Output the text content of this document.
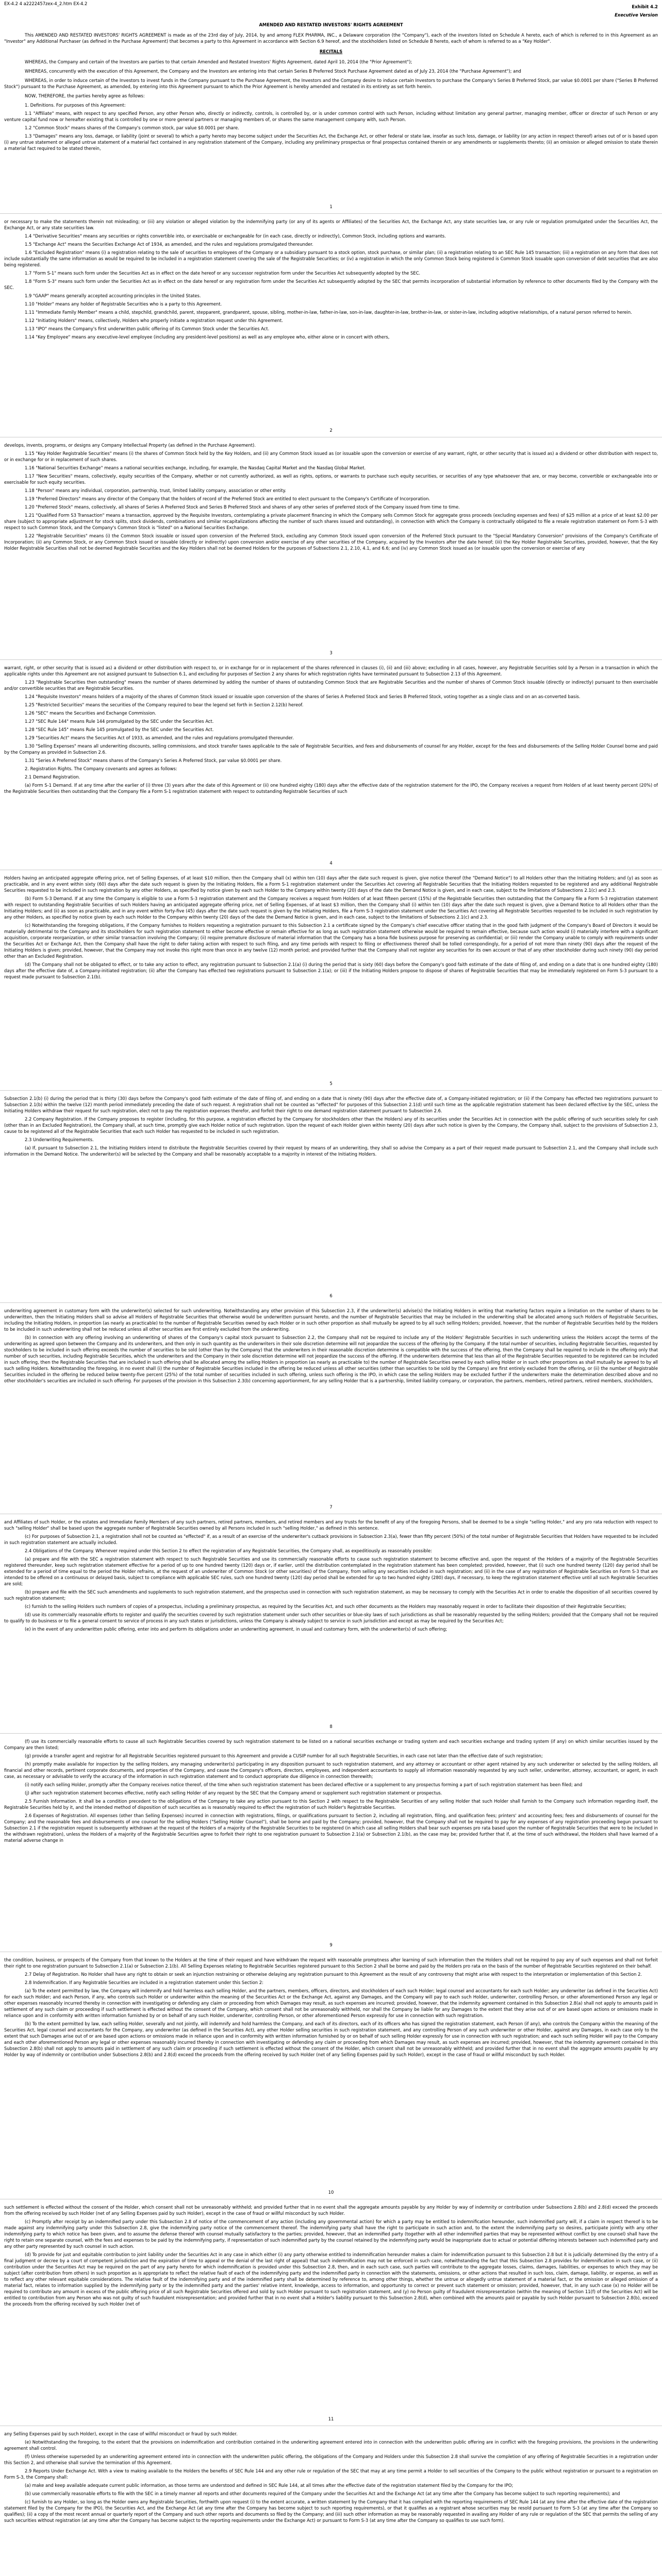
EX-4.2 4 a2222457zex-4_2.htm EX-4.2
Exhibit 4.2
Executive Version

AMENDED AND RESTATED INVESTORS' RIGHTS AGREEMENT

This AMENDED AND RESTATED INVESTORS' RIGHTS AGREEMENT is made as of the 23rd day of July, 2014, by and among FLEX PHARMA, INC., a Delaware corporation (the "Company"), each of the investors listed on Schedule A hereto, each of which is referred to in this Agreement as an "Investor" any Additional Purchaser (as defined in the Purchase Agreement) that becomes a party to this Agreement in accordance with Section 6.9 hereof, and the stockholders listed on Schedule B hereto, each of whom is referred to as a "Key Holder".

RECITALS

WHEREAS, the Company and certain of the Investors are parties to that certain Amended and Restated Investors' Rights Agreement, dated April 10, 2014 (the "Prior Agreement");

WHEREAS, concurrently with the execution of this Agreement, the Company and the Investors are entering into that certain Series B Preferred Stock Purchase Agreement dated as of July 23, 2014 (the "Purchase Agreement"); and

WHEREAS, in order to induce certain of the Investors to invest funds in the Company pursuant to the Purchase Agreement, the Investors and the Company desire to induce certain Investors to purchase the Company's Series B Preferred Stock, par value $0.0001 per share ("Series B Preferred Stock") pursuant to the Purchase Agreement, as amended, by entering into this Agreement pursuant to which the Prior Agreement is hereby amended and restated in its entirety as set forth herein.

NOW, THEREFORE, the parties hereby agree as follows:

1. Definitions. For purposes of this Agreement:

1.1 "Affiliate" means, with respect to any specified Person, any other Person who, directly or indirectly, controls, is controlled by, or is under common control with such Person, including without limitation any general partner, managing member, officer or director of such Person or any venture capital fund now or hereafter existing that is controlled by one or more general partners or managing members of, or shares the same management company with, such Person.

1.2 "Common Stock" means shares of the Company's common stock, par value $0.0001 per share.

1.3 "Damages" means any loss, damage, or liability (joint or several) to which a party hereto may become subject under the Securities Act, the Exchange Act, or other federal or state law, insofar as such loss, damage, or liability (or any action in respect thereof) arises out of or is based upon (i) any untrue statement or alleged untrue statement of a material fact contained in any registration statement of the Company, including any preliminary prospectus or final prospectus contained therein or any amendments or supplements thereto; (ii) an omission or alleged omission to state therein a material fact required to be stated therein,

1

or necessary to make the statements therein not misleading; or (iii) any violation or alleged violation by the indemnifying party (or any of its agents or Affiliates) of the Securities Act, the Exchange Act, any state securities law, or any rule or regulation promulgated under the Securities Act, the Exchange Act, or any state securities law.

1.4 "Derivative Securities" means any securities or rights convertible into, or exercisable or exchangeable for (in each case, directly or indirectly), Common Stock, including options and warrants.

1.5 "Exchange Act" means the Securities Exchange Act of 1934, as amended, and the rules and regulations promulgated thereunder.

1.6 "Excluded Registration" means (i) a registration relating to the sale of securities to employees of the Company or a subsidiary pursuant to a stock option, stock purchase, or similar plan; (ii) a registration relating to an SEC Rule 145 transaction; (iii) a registration on any form that does not include substantially the same information as would be required to be included in a registration statement covering the sale of the Registrable Securities; or (iv) a registration in which the only Common Stock being registered is Common Stock issuable upon conversion of debt securities that are also being registered.

1.7 "Form S-1" means such form under the Securities Act as in effect on the date hereof or any successor registration form under the Securities Act subsequently adopted by the SEC.

1.8 "Form S-3" means such form under the Securities Act as in effect on the date hereof or any registration form under the Securities Act subsequently adopted by the SEC that permits incorporation of substantial information by reference to other documents filed by the Company with the SEC.

1.9 "GAAP" means generally accepted accounting principles in the United States.

1.10 "Holder" means any holder of Registrable Securities who is a party to this Agreement.

1.11 "Immediate Family Member" means a child, stepchild, grandchild, parent, stepparent, grandparent, spouse, sibling, mother-in-law, father-in-law, son-in-law, daughter-in-law, brother-in-law, or sister-in-law, including adoptive relationships, of a natural person referred to herein.

1.12 "Initiating Holders" means, collectively, Holders who properly initiate a registration request under this Agreement.

1.13 "IPO" means the Company's first underwritten public offering of its Common Stock under the Securities Act.

1.14 "Key Employee" means any executive-level employee (including any president-level positions) as well as any employee who, either alone or in concert with others,

2

develops, invents, programs, or designs any Company Intellectual Property (as defined in the Purchase Agreement).

1.15 "Key Holder Registrable Securities" means (i) the shares of Common Stock held by the Key Holders, and (ii) any Common Stock issued as (or issuable upon the conversion or exercise of any warrant, right, or other security that is issued as) a dividend or other distribution with respect to, or in exchange for or in replacement of such shares.

1.16 "National Securities Exchange" means a national securities exchange, including, for example, the Nasdaq Capital Market and the Nasdaq Global Market.

1.17 "New Securities" means, collectively, equity securities of the Company, whether or not currently authorized, as well as rights, options, or warrants to purchase such equity securities, or securities of any type whatsoever that are, or may become, convertible or exchangeable into or exercisable for such equity securities.

1.18 "Person" means any individual, corporation, partnership, trust, limited liability company, association or other entity.

1.19 "Preferred Directors" means any director of the Company that the holders of record of the Preferred Stock are entitled to elect pursuant to the Company's Certificate of Incorporation.

1.20 "Preferred Stock" means, collectively, all shares of Series A Preferred Stock and Series B Preferred Stock and shares of any other series of preferred stock of the Company issued from time to time.

1.21 "Qualified Form S3 Transaction" means a transaction, approved by the Requisite Investors, contemplating a private placement financing in which the Company sells Common Stock for aggregate gross proceeds (excluding expenses and fees) of $25 million at a price of at least $2.00 per share (subject to appropriate adjustment for stock splits, stock dividends, combinations and similar recapitalizations affecting the number of such shares issued and outstanding), in connection with which the Company is contractually obligated to file a resale registration statement on Form S-3 with respect to such Common Stock, and the Company's Common Stock is "listed" on a National Securities Exchange.

1.22 "Registrable Securities" means (i) the Common Stock issuable or issued upon conversion of the Preferred Stock, excluding any Common Stock issued upon conversion of the Preferred Stock pursuant to the "Special Mandatory Conversion" provisions of the Company's Certificate of Incorporation; (ii) any Common Stock, or any Common Stock issued or issuable (directly or indirectly) upon conversion and/or exercise of any other securities of the Company, acquired by the Investors after the date hereof; (iii) the Key Holder Registrable Securities, provided, however, that the Key Holder Registrable Securities shall not be deemed Registrable Securities and the Key Holders shall not be deemed Holders for the purposes of Subsections 2.1, 2.10, 4.1, and 6.6; and (iv) any Common Stock issued as (or issuable upon the conversion or exercise of any

3

warrant, right, or other security that is issued as) a dividend or other distribution with respect to, or in exchange for or in replacement of the shares referenced in clauses (i), (ii) and (iii) above; excluding in all cases, however, any Registrable Securities sold by a Person in a transaction in which the applicable rights under this Agreement are not assigned pursuant to Subsection 6.1, and excluding for purposes of Section 2 any shares for which registration rights have terminated pursuant to Subsection 2.13 of this Agreement.

1.23 "Registrable Securities then outstanding" means the number of shares determined by adding the number of shares of outstanding Common Stock that are Registrable Securities and the number of shares of Common Stock issuable (directly or indirectly) pursuant to then exercisable and/or convertible securities that are Registrable Securities.

1.24 "Requisite Investors" means holders of a majority of the shares of Common Stock issued or issuable upon conversion of the shares of Series A Preferred Stock and Series B Preferred Stock, voting together as a single class and on an as-converted basis.

1.25 "Restricted Securities" means the securities of the Company required to bear the legend set forth in Section 2.12(b) hereof.

1.26 "SEC" means the Securities and Exchange Commission.

1.27 "SEC Rule 144" means Rule 144 promulgated by the SEC under the Securities Act.

1.28 "SEC Rule 145" means Rule 145 promulgated by the SEC under the Securities Act.

1.29 "Securities Act" means the Securities Act of 1933, as amended, and the rules and regulations promulgated thereunder.

1.30 "Selling Expenses" means all underwriting discounts, selling commissions, and stock transfer taxes applicable to the sale of Registrable Securities, and fees and disbursements of counsel for any Holder, except for the fees and disbursements of the Selling Holder Counsel borne and paid by the Company as provided in Subsection 2.6.

1.31 "Series A Preferred Stock" means shares of the Company's Series A Preferred Stock, par value $0.0001 per share.

2. Registration Rights. The Company covenants and agrees as follows:

2.1 Demand Registration.

(a) Form S-1 Demand. If at any time after the earlier of (i) three (3) years after the date of this Agreement or (ii) one hundred eighty (180) days after the effective date of the registration statement for the IPO, the Company receives a request from Holders of at least twenty percent (20%) of the Registrable Securities then outstanding that the Company file a Form S-1 registration statement with respect to outstanding Registrable Securities of such

4

Holders having an anticipated aggregate offering price, net of Selling Expenses, of at least $10 million, then the Company shall (x) within ten (10) days after the date such request is given, give notice thereof (the "Demand Notice") to all Holders other than the Initiating Holders; and (y) as soon as practicable, and in any event within sixty (60) days after the date such request is given by the Initiating Holders, file a Form S-1 registration statement under the Securities Act covering all Registrable Securities that the Initiating Holders requested to be registered and any additional Registrable Securities requested to be included in such registration by any other Holders, as specified by notice given by each such Holder to the Company within twenty (20) days of the date the Demand Notice is given, and in each case, subject to the limitations of Subsections 2.1(c) and 2.3.

(b) Form S-3 Demand. If at any time the Company is eligible to use a Form S-3 registration statement and the Company receives a request from Holders of at least fifteen percent (15%) of the Registrable Securities then outstanding that the Company file a Form S-3 registration statement with respect to outstanding Registrable Securities of such Holders having an anticipated aggregate offering price, net of Selling Expenses, of at least $3 million, then the Company shall (i) within ten (10) days after the date such request is given, give a Demand Notice to all Holders other than the Initiating Holders; and (ii) as soon as practicable, and in any event within forty-five (45) days after the date such request is given by the Initiating Holders, file a Form S-3 registration statement under the Securities Act covering all Registrable Securities requested to be included in such registration by any other Holders, as specified by notice given by each such Holder to the Company within twenty (20) days of the date the Demand Notice is given, and in each case, subject to the limitations of Subsections 2.1(c) and 2.3.

(c) Notwithstanding the foregoing obligations, if the Company furnishes to Holders requesting a registration pursuant to this Subsection 2.1 a certificate signed by the Company's chief executive officer stating that in the good faith judgment of the Company's Board of Directors it would be materially detrimental to the Company and its stockholders for such registration statement to either become effective or remain effective for as long as such registration statement otherwise would be required to remain effective, because such action would (i) materially interfere with a significant acquisition, corporate reorganization, or other similar transaction involving the Company; (ii) require premature disclosure of material information that the Company has a bona fide business purpose for preserving as confidential; or (iii) render the Company unable to comply with requirements under the Securities Act or Exchange Act, then the Company shall have the right to defer taking action with respect to such filing, and any time periods with respect to filing or effectiveness thereof shall be tolled correspondingly, for a period of not more than ninety (90) days after the request of the Initiating Holders is given; provided, however, that the Company may not invoke this right more than once in any twelve (12) month period; and provided further that the Company shall not register any securities for its own account or that of any other stockholder during such ninety (90) day period other than an Excluded Registration.

(d) The Company shall not be obligated to effect, or to take any action to effect, any registration pursuant to Subsection 2.1(a) (i) during the period that is sixty (60) days before the Company's good faith estimate of the date of filing of, and ending on a date that is one hundred eighty (180) days after the effective date of, a Company-initiated registration; (ii) after the Company has effected two registrations pursuant to Subsection 2.1(a); or (iii) if the Initiating Holders propose to dispose of shares of Registrable Securities that may be immediately registered on Form S-3 pursuant to a request made pursuant to Subsection 2.1(b).

5

Subsection 2.1(b) (i) during the period that is thirty (30) days before the Company's good faith estimate of the date of filing of, and ending on a date that is ninety (90) days after the effective date of, a Company-initiated registration; or (ii) if the Company has effected two registrations pursuant to Subsection 2.1(b) within the twelve (12) month period immediately preceding the date of such request. A registration shall not be counted as "effected" for purposes of this Subsection 2.1(d) until such time as the applicable registration statement has been declared effective by the SEC, unless the Initiating Holders withdraw their request for such registration, elect not to pay the registration expenses therefor, and forfeit their right to one demand registration statement pursuant to Subsection 2.6.

2.2 Company Registration. If the Company proposes to register (including, for this purpose, a registration effected by the Company for stockholders other than the Holders) any of its securities under the Securities Act in connection with the public offering of such securities solely for cash (other than in an Excluded Registration), the Company shall, at such time, promptly give each Holder notice of such registration. Upon the request of each Holder given within twenty (20) days after such notice is given by the Company, the Company shall, subject to the provisions of Subsection 2.3, cause to be registered all of the Registrable Securities that each such Holder has requested to be included in such registration.

2.3 Underwriting Requirements.

(a) If, pursuant to Subsection 2.1, the Initiating Holders intend to distribute the Registrable Securities covered by their request by means of an underwriting, they shall so advise the Company as a part of their request made pursuant to Subsection 2.1, and the Company shall include such information in the Demand Notice. The underwriter(s) will be selected by the Company and shall be reasonably acceptable to a majority in interest of the Initiating Holders.

6

underwriting agreement in customary form with the underwriter(s) selected for such underwriting. Notwithstanding any other provision of this Subsection 2.3, if the underwriter(s) advise(s) the Initiating Holders in writing that marketing factors require a limitation on the number of shares to be underwritten, then the Initiating Holders shall so advise all Holders of Registrable Securities that otherwise would be underwritten pursuant hereto, and the number of Registrable Securities that may be included in the underwriting shall be allocated among such Holders of Registrable Securities, including the Initiating Holders, in proportion (as nearly as practicable) to the number of Registrable Securities owned by each Holder or in such other proportion as shall mutually be agreed to by all such selling Holders; provided, however, that the number of Registrable Securities held by the Holders to be included in such underwriting shall not be reduced unless all other securities are first entirely excluded from the underwriting.

(b) In connection with any offering involving an underwriting of shares of the Company's capital stock pursuant to Subsection 2.2, the Company shall not be required to include any of the Holders' Registrable Securities in such underwriting unless the Holders accept the terms of the underwriting as agreed upon between the Company and its underwriters, and then only in such quantity as the underwriters in their sole discretion determine will not jeopardize the success of the offering by the Company. If the total number of securities, including Registrable Securities, requested by stockholders to be included in such offering exceeds the number of securities to be sold (other than by the Company) that the underwriters in their reasonable discretion determine is compatible with the success of the offering, then the Company shall be required to include in the offering only that number of such securities, including Registrable Securities, which the underwriters and the Company in their sole discretion determine will not jeopardize the success of the offering. If the underwriters determine that less than all of the Registrable Securities requested to be registered can be included in such offering, then the Registrable Securities that are included in such offering shall be allocated among the selling Holders in proportion (as nearly as practicable to) the number of Registrable Securities owned by each selling Holder or in such other proportions as shall mutually be agreed to by all such selling Holders. Notwithstanding the foregoing, in no event shall (i) the number of Registrable Securities included in the offering be reduced unless all other securities (other than securities to be sold by the Company) are first entirely excluded from the offering, or (ii) the number of Registrable Securities included in the offering be reduced below twenty-five percent (25%) of the total number of securities included in such offering, unless such offering is the IPO, in which case the selling Holders may be excluded further if the underwriters make the determination described above and no other stockholder's securities are included in such offering. For purposes of the provision in this Subsection 2.3(b) concerning apportionment, for any selling Holder that is a partnership, limited liability company, or corporation, the partners, members, retired partners, retired members, stockholders,

7

and Affiliates of such Holder, or the estates and Immediate Family Members of any such partners, retired partners, members, and retired members and any trusts for the benefit of any of the foregoing Persons, shall be deemed to be a single "selling Holder," and any pro rata reduction with respect to such "selling Holder" shall be based upon the aggregate number of Registrable Securities owned by all Persons included in such "selling Holder," as defined in this sentence.

(c) For purposes of Subsection 2.1, a registration shall not be counted as "effected" if, as a result of an exercise of the underwriter's cutback provisions in Subsection 2.3(a), fewer than fifty percent (50%) of the total number of Registrable Securities that Holders have requested to be included in such registration statement are actually included.

2.4 Obligations of the Company. Whenever required under this Section 2 to effect the registration of any Registrable Securities, the Company shall, as expeditiously as reasonably possible:

(a) prepare and file with the SEC a registration statement with respect to such Registrable Securities and use its commercially reasonable efforts to cause such registration statement to become effective and, upon the request of the Holders of a majority of the Registrable Securities registered thereunder, keep such registration statement effective for a period of up to one hundred twenty (120) days or, if earlier, until the distribution contemplated in the registration statement has been completed; provided, however, that (i) such one hundred twenty (120) day period shall be extended for a period of time equal to the period the Holder refrains, at the request of an underwriter of Common Stock (or other securities) of the Company, from selling any securities included in such registration; and (ii) in the case of any registration of Registrable Securities on Form S-3 that are intended to be offered on a continuous or delayed basis, subject to compliance with applicable SEC rules, such one hundred twenty (120) day period shall be extended for up to two hundred eighty (280) days, if necessary, to keep the registration statement effective until all such Registrable Securities are sold;

(b) prepare and file with the SEC such amendments and supplements to such registration statement, and the prospectus used in connection with such registration statement, as may be necessary to comply with the Securities Act in order to enable the disposition of all securities covered by such registration statement;

(c) furnish to the selling Holders such numbers of copies of a prospectus, including a preliminary prospectus, as required by the Securities Act, and such other documents as the Holders may reasonably request in order to facilitate their disposition of their Registrable Securities;

(d) use its commercially reasonable efforts to register and qualify the securities covered by such registration statement under such other securities or blue-sky laws of such jurisdictions as shall be reasonably requested by the selling Holders; provided that the Company shall not be required to qualify to do business or to file a general consent to service of process in any such states or jurisdictions, unless the Company is already subject to service in such jurisdiction and except as may be required by the Securities Act;

(e) in the event of any underwritten public offering, enter into and perform its obligations under an underwriting agreement, in usual and customary form, with the underwriter(s) of such offering;

8

(f) use its commercially reasonable efforts to cause all such Registrable Securities covered by such registration statement to be listed on a national securities exchange or trading system and each securities exchange and trading system (if any) on which similar securities issued by the Company are then listed;

(g) provide a transfer agent and registrar for all Registrable Securities registered pursuant to this Agreement and provide a CUSIP number for all such Registrable Securities, in each case not later than the effective date of such registration;

(h) promptly make available for inspection by the selling Holders, any managing underwriter(s) participating in any disposition pursuant to such registration statement, and any attorney or accountant or other agent retained by any such underwriter or selected by the selling Holders, all financial and other records, pertinent corporate documents, and properties of the Company, and cause the Company's officers, directors, employees, and independent accountants to supply all information reasonably requested by any such seller, underwriter, attorney, accountant, or agent, in each case, as necessary or advisable to verify the accuracy of the information in such registration statement and to conduct appropriate due diligence in connection therewith;

(i) notify each selling Holder, promptly after the Company receives notice thereof, of the time when such registration statement has been declared effective or a supplement to any prospectus forming a part of such registration statement has been filed; and

(j) after such registration statement becomes effective, notify each selling Holder of any request by the SEC that the Company amend or supplement such registration statement or prospectus.

2.5 Furnish Information. It shall be a condition precedent to the obligations of the Company to take any action pursuant to this Section 2 with respect to the Registrable Securities of any selling Holder that such Holder shall furnish to the Company such information regarding itself, the Registrable Securities held by it, and the intended method of disposition of such securities as is reasonably required to effect the registration of such Holder's Registrable Securities.

2.6 Expenses of Registration. All expenses (other than Selling Expenses) incurred in connection with registrations, filings, or qualifications pursuant to Section 2, including all registration, filing, and qualification fees; printers' and accounting fees; fees and disbursements of counsel for the Company; and the reasonable fees and disbursements of one counsel for the selling Holders ("Selling Holder Counsel"), shall be borne and paid by the Company; provided, however, that the Company shall not be required to pay for any expenses of any registration proceeding begun pursuant to Subsection 2.1 if the registration request is subsequently withdrawn at the request of the Holders of a majority of the Registrable Securities to be registered (in which case all selling Holders shall bear such expenses pro rata based upon the number of Registrable Securities that were to be included in the withdrawn registration), unless the Holders of a majority of the Registrable Securities agree to forfeit their right to one registration pursuant to Subsection 2.1(a) or Subsection 2.1(b), as the case may be; provided further that if, at the time of such withdrawal, the Holders shall have learned of a material adverse change in

9

the condition, business, or prospects of the Company from that known to the Holders at the time of their request and have withdrawn the request with reasonable promptness after learning of such information then the Holders shall not be required to pay any of such expenses and shall not forfeit their right to one registration pursuant to Subsection 2.1(a) or Subsection 2.1(b). All Selling Expenses relating to Registrable Securities registered pursuant to this Section 2 shall be borne and paid by the Holders pro rata on the basis of the number of Registrable Securities registered on their behalf.

2.7 Delay of Registration. No Holder shall have any right to obtain or seek an injunction restraining or otherwise delaying any registration pursuant to this Agreement as the result of any controversy that might arise with respect to the interpretation or implementation of this Section 2.

2.8 Indemnification. If any Registrable Securities are included in a registration statement under this Section 2:

(a) To the extent permitted by law, the Company will indemnify and hold harmless each selling Holder, and the partners, members, officers, directors, and stockholders of each such Holder; legal counsel and accountants for each such Holder; any underwriter (as defined in the Securities Act) for each such Holder; and each Person, if any, who controls such Holder or underwriter within the meaning of the Securities Act or the Exchange Act, against any Damages, and the Company will pay to each such Holder, underwriter, controlling Person, or other aforementioned Person any legal or other expenses reasonably incurred thereby in connection with investigating or defending any claim or proceeding from which Damages may result, as such expenses are incurred; provided, however, that the indemnity agreement contained in this Subsection 2.8(a) shall not apply to amounts paid in settlement of any such claim or proceeding if such settlement is effected without the consent of the Company, which consent shall not be unreasonably withheld, nor shall the Company be liable for any Damages to the extent that they arise out of or are based upon actions or omissions made in reliance upon and in conformity with written information furnished by or on behalf of any such Holder, underwriter, controlling Person, or other aforementioned Person expressly for use in connection with such registration.

(b) To the extent permitted by law, each selling Holder, severally and not jointly, will indemnify and hold harmless the Company, and each of its directors, each of its officers who has signed the registration statement, each Person (if any), who controls the Company within the meaning of the Securities Act, legal counsel and accountants for the Company, any underwriter (as defined in the Securities Act), any other Holder selling securities in such registration statement, and any controlling Person of any such underwriter or other Holder, against any Damages, in each case only to the extent that such Damages arise out of or are based upon actions or omissions made in reliance upon and in conformity with written information furnished by or on behalf of such selling Holder expressly for use in connection with such registration; and each such selling Holder will pay to the Company and each other aforementioned Person any legal or other expenses reasonably incurred thereby in connection with investigating or defending any claim or proceeding from which Damages may result, as such expenses are incurred; provided, however, that the indemnity agreement contained in this Subsection 2.8(b) shall not apply to amounts paid in settlement of any such claim or proceeding if such settlement is effected without the consent of the Holder, which consent shall not be unreasonably withheld; and provided further that in no event shall the aggregate amounts payable by any Holder by way of indemnity or contribution under Subsections 2.8(b) and 2.8(d) exceed the proceeds from the offering received by such Holder (net of any Selling Expenses paid by such Holder), except in the case of fraud or willful misconduct by such Holder.

10

such settlement is effected without the consent of the Holder, which consent shall not be unreasonably withheld; and provided further that in no event shall the aggregate amounts payable by any Holder by way of indemnity or contribution under Subsections 2.8(b) and 2.8(d) exceed the proceeds from the offering received by such Holder (net of any Selling Expenses paid by such Holder), except in the case of fraud or willful misconduct by such Holder.

(c) Promptly after receipt by an indemnified party under this Subsection 2.8 of notice of the commencement of any action (including any governmental action) for which a party may be entitled to indemnification hereunder, such indemnified party will, if a claim in respect thereof is to be made against any indemnifying party under this Subsection 2.8, give the indemnifying party notice of the commencement thereof. The indemnifying party shall have the right to participate in such action and, to the extent the indemnifying party so desires, participate jointly with any other indemnifying party to which notice has been given, and to assume the defense thereof with counsel mutually satisfactory to the parties; provided, however, that an indemnified party (together with all other indemnified parties that may be represented without conflict by one counsel) shall have the right to retain one separate counsel, with the fees and expenses to be paid by the indemnifying party, if representation of such indemnified party by the counsel retained by the indemnifying party would be inappropriate due to actual or potential differing interests between such indemnified party and any other party represented by such counsel in such action.

(d) To provide for just and equitable contribution to joint liability under the Securities Act in any case in which either (i) any party otherwise entitled to indemnification hereunder makes a claim for indemnification pursuant to this Subsection 2.8 but it is judicially determined (by the entry of a final judgment or decree by a court of competent jurisdiction and the expiration of time to appeal or the denial of the last right of appeal) that such indemnification may not be enforced in such case, notwithstanding the fact that this Subsection 2.8 provides for indemnification in such case, or (ii) contribution under the Securities Act may be required on the part of any party hereto for which indemnification is provided under this Subsection 2.8, then, and in each such case, such parties will contribute to the aggregate losses, claims, damages, liabilities, or expenses to which they may be subject (after contribution from others) in such proportion as is appropriate to reflect the relative fault of each of the indemnifying party and the indemnified party in connection with the statements, omissions, or other actions that resulted in such loss, claim, damage, liability, or expense, as well as to reflect any other relevant equitable considerations. The relative fault of the indemnifying party and of the indemnified party shall be determined by reference to, among other things, whether the untrue or allegedly untrue statement of a material fact, or the omission or alleged omission of a material fact, relates to information supplied by the indemnifying party or by the indemnified party and the parties' relative intent, knowledge, access to information, and opportunity to correct or prevent such statement or omission; provided, however, that, in any such case (x) no Holder will be required to contribute any amount in excess of the public offering price of all such Registrable Securities offered and sold by such Holder pursuant to such registration statement, and (y) no Person guilty of fraudulent misrepresentation (within the meaning of Section 11(f) of the Securities Act) will be entitled to contribution from any Person who was not guilty of such fraudulent misrepresentation; and provided further that in no event shall a Holder's liability pursuant to this Subsection 2.8(d), when combined with the amounts paid or payable by such Holder pursuant to Subsection 2.8(b), exceed the proceeds from the offering received by such Holder (net of

11

any Selling Expenses paid by such Holder), except in the case of willful misconduct or fraud by such Holder.

(e) Notwithstanding the foregoing, to the extent that the provisions on indemnification and contribution contained in the underwriting agreement entered into in connection with the underwritten public offering are in conflict with the foregoing provisions, the provisions in the underwriting agreement shall control.

(f) Unless otherwise superseded by an underwriting agreement entered into in connection with the underwritten public offering, the obligations of the Company and Holders under this Subsection 2.8 shall survive the completion of any offering of Registrable Securities in a registration under this Section 2, and otherwise shall survive the termination of this Agreement.

2.9 Reports Under Exchange Act. With a view to making available to the Holders the benefits of SEC Rule 144 and any other rule or regulation of the SEC that may at any time permit a Holder to sell securities of the Company to the public without registration or pursuant to a registration on Form S-3, the Company shall:

(a) make and keep available adequate current public information, as those terms are understood and defined in SEC Rule 144, at all times after the effective date of the registration statement filed by the Company for the IPO;

(b) use commercially reasonable efforts to file with the SEC in a timely manner all reports and other documents required of the Company under the Securities Act and the Exchange Act (at any time after the Company has become subject to such reporting requirements); and

(c) furnish to any Holder, so long as the Holder owns any Registrable Securities, forthwith upon request (i) to the extent accurate, a written statement by the Company that it has complied with the reporting requirements of SEC Rule 144 (at any time after the effective date of the registration statement filed by the Company for the IPO), the Securities Act, and the Exchange Act (at any time after the Company has become subject to such reporting requirements), or that it qualifies as a registrant whose securities may be resold pursuant to Form S-3 (at any time after the Company so qualifies); (ii) a copy of the most recent annual or quarterly report of the Company and such other reports and documents so filed by the Company; and (iii) such other information as may be reasonably requested in availing any Holder of any rule or regulation of the SEC that permits the selling of any such securities without registration (at any time after the Company has become subject to the reporting requirements under the Exchange Act) or pursuant to Form S-3 (at any time after the Company so qualifies to use such form).
